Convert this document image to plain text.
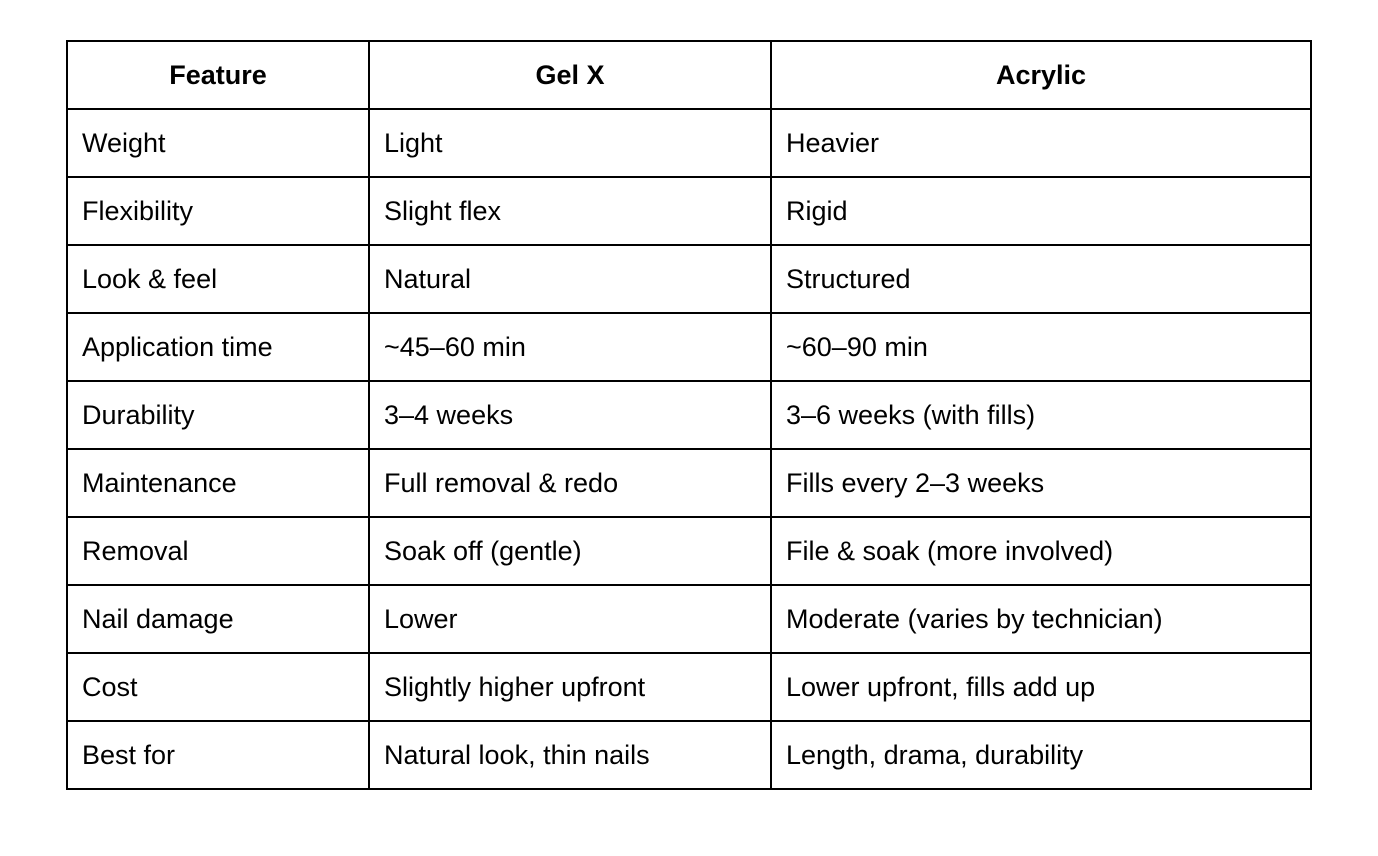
Feature	Gel X	Acrylic
Weight	Light	Heavier
Flexibility	Slight flex	Rigid
Look & feel	Natural	Structured
Application time	~45–60 min	~60–90 min
Durability	3–4 weeks	3–6 weeks (with fills)
Maintenance	Full removal & redo	Fills every 2–3 weeks
Removal	Soak off (gentle)	File & soak (more involved)
Nail damage	Lower	Moderate (varies by technician)
Cost	Slightly higher upfront	Lower upfront, fills add up
Best for	Natural look, thin nails	Length, drama, durability
